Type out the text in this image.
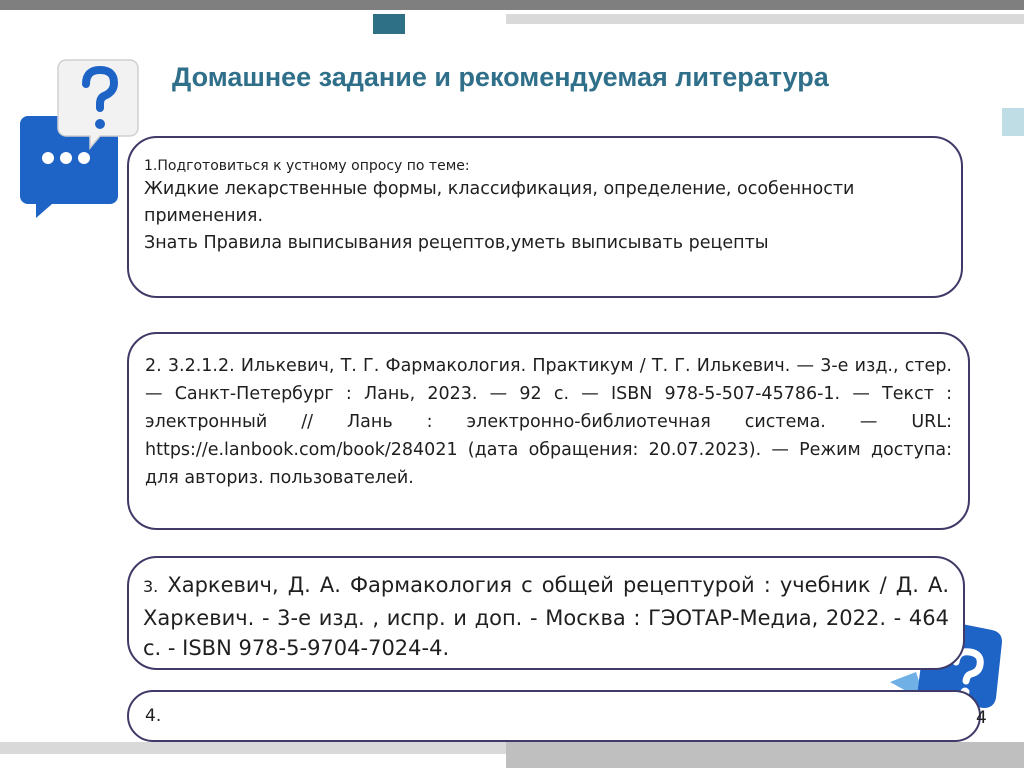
Домашнее задание и рекомендуемая литература
1.Подготовиться к устному опросу по теме:
Жидкие лекарственные формы, классификация, определение, особенности применения.
Знать Правила выписывания рецептов,уметь выписывать рецепты
2. 3.2.1.2. Илькевич, Т. Г. Фармакология. Практикум / Т. Г. Илькевич. — 3-е изд., стер. — Санкт-Петербург : Лань, 2023. — 92 с. — ISBN 978-5-507-45786-1. — Текст : электронный // Лань : электронно-библиотечная система. — URL: https://e.lanbook.com/book/284021 (дата обращения: 20.07.2023). — Режим доступа: для авториз. пользователей.
3. Харкевич, Д. А. Фармакология с общей рецептурой : учебник / Д. А. Харкевич. - 3-е изд. , испр. и доп. - Москва : ГЭОТАР-Медиа, 2022. - 464 с. - ISBN 978-5-9704-7024-4.
4.	4
